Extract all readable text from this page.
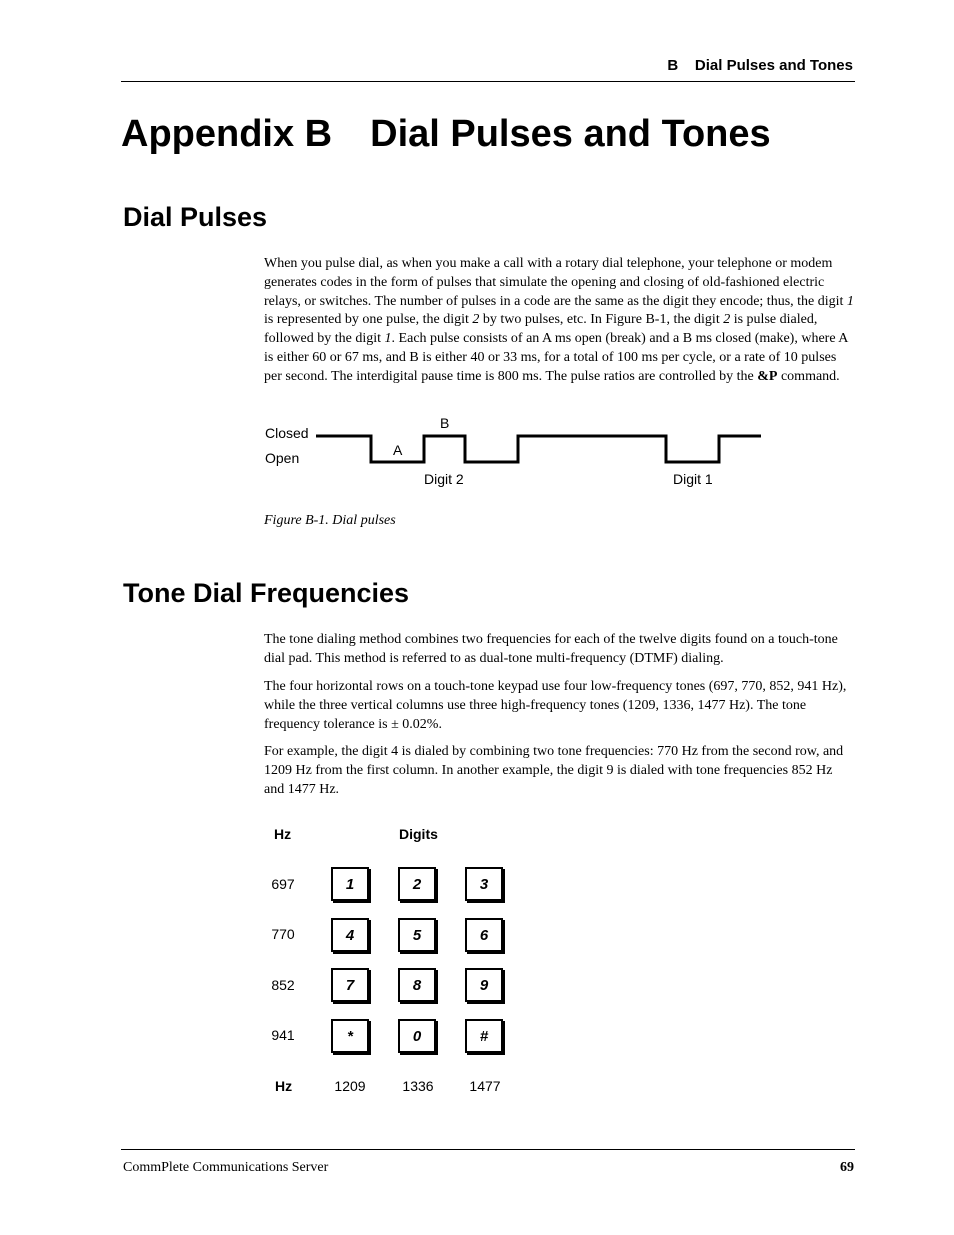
B    Dial Pulses and Tones
Appendix B Dial Pulses and Tones
Dial Pulses

When you pulse dial, as when you make a call with a rotary dial telephone, your telephone or modem generates codes in the form of pulses that simulate the opening and closing of old-fashioned electric relays, or switches. The number of pulses in a code are the same as the digit they encode; thus, the digit 1 is represented by one pulse, the digit 2 by two pulses, etc. In Figure B-1, the digit 2 is pulse dialed, followed by the digit 1. Each pulse consists of an A ms open (break) and a B ms closed (make), where A is either 60 or 67 ms, and B is either 40 or 33 ms, for a total of 100 ms per cycle, or a rate of 10 pulses per second. The interdigital pause time is 800 ms. The pulse ratios are controlled by the &P command.

Closed
Open	A
B
Digit 2	Digit 1
Figure B-1. Dial pulses
Tone Dial Frequencies

The tone dialing method combines two frequencies for each of the twelve digits found on a touch-tone dial pad. This method is referred to as dual-tone multi-frequency (DTMF) dialing.

The four horizontal rows on a touch-tone keypad use four low-frequency tones (697, 770, 852, 941 Hz), while the three vertical columns use three high-frequency tones (1209, 1336, 1477 Hz). The tone frequency tolerance is ± 0.02%.

For example, the digit 4 is dialed by combining two tone frequencies: 770 Hz from the second row, and 1209 Hz from the first column. In another example, the digit 9 is dialed with tone frequencies 852 Hz and 1477 Hz.

Hz	Digits
697	1	2	3
770	4	5	6
852	7	8	9
941	*	0	#
Hz	1209	1336	1477
CommPlete Communications Server	69
